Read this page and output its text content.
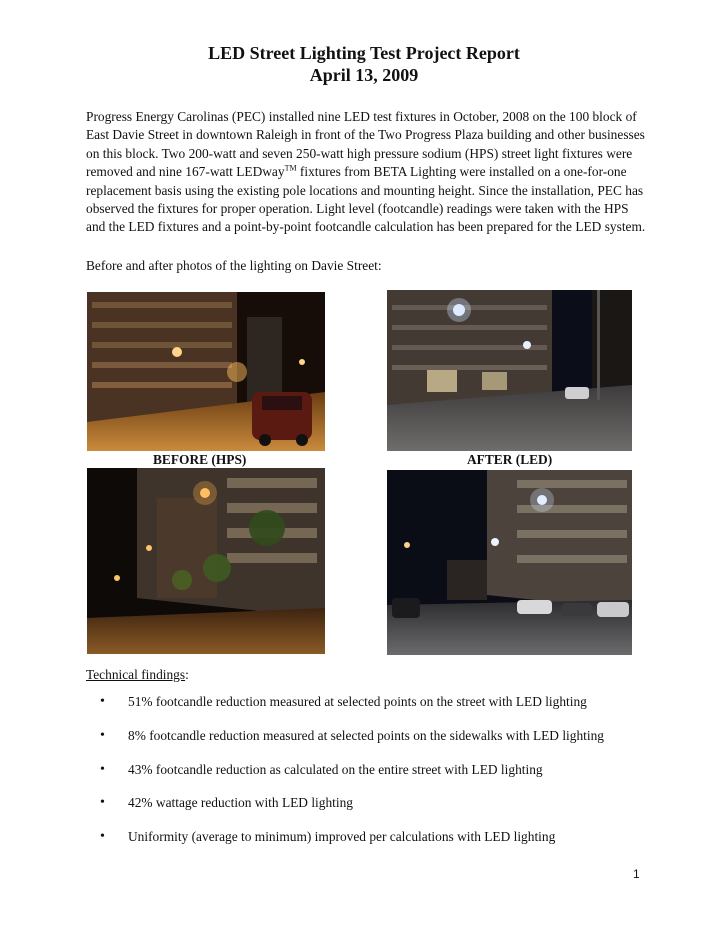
LED Street Lighting Test Project Report
April 13, 2009
Progress Energy Carolinas (PEC) installed nine LED test fixtures in October, 2008 on the 100 block of East Davie Street in downtown Raleigh in front of the Two Progress Plaza building and other businesses on this block. Two 200-watt and seven 250-watt high pressure sodium (HPS) street light fixtures were removed and nine 167-watt LEDway™ fixtures from BETA Lighting were installed on a one-for-one replacement basis using the existing pole locations and mounting height. Since the installation, PEC has observed the fixtures for proper operation. Light level (footcandle) readings were taken with the HPS and the LED fixtures and a point-by-point footcandle calculation has been prepared for the LED system.
Before and after photos of the lighting on Davie Street:
BEFORE (HPS)	AFTER (LED)
Technical findings:
• 51% footcandle reduction measured at selected points on the street with LED lighting
• 8% footcandle reduction measured at selected points on the sidewalks with LED lighting
• 43% footcandle reduction as calculated on the entire street with LED lighting
• 42% wattage reduction with LED lighting
• Uniformity (average to minimum) improved per calculations with LED lighting
1
